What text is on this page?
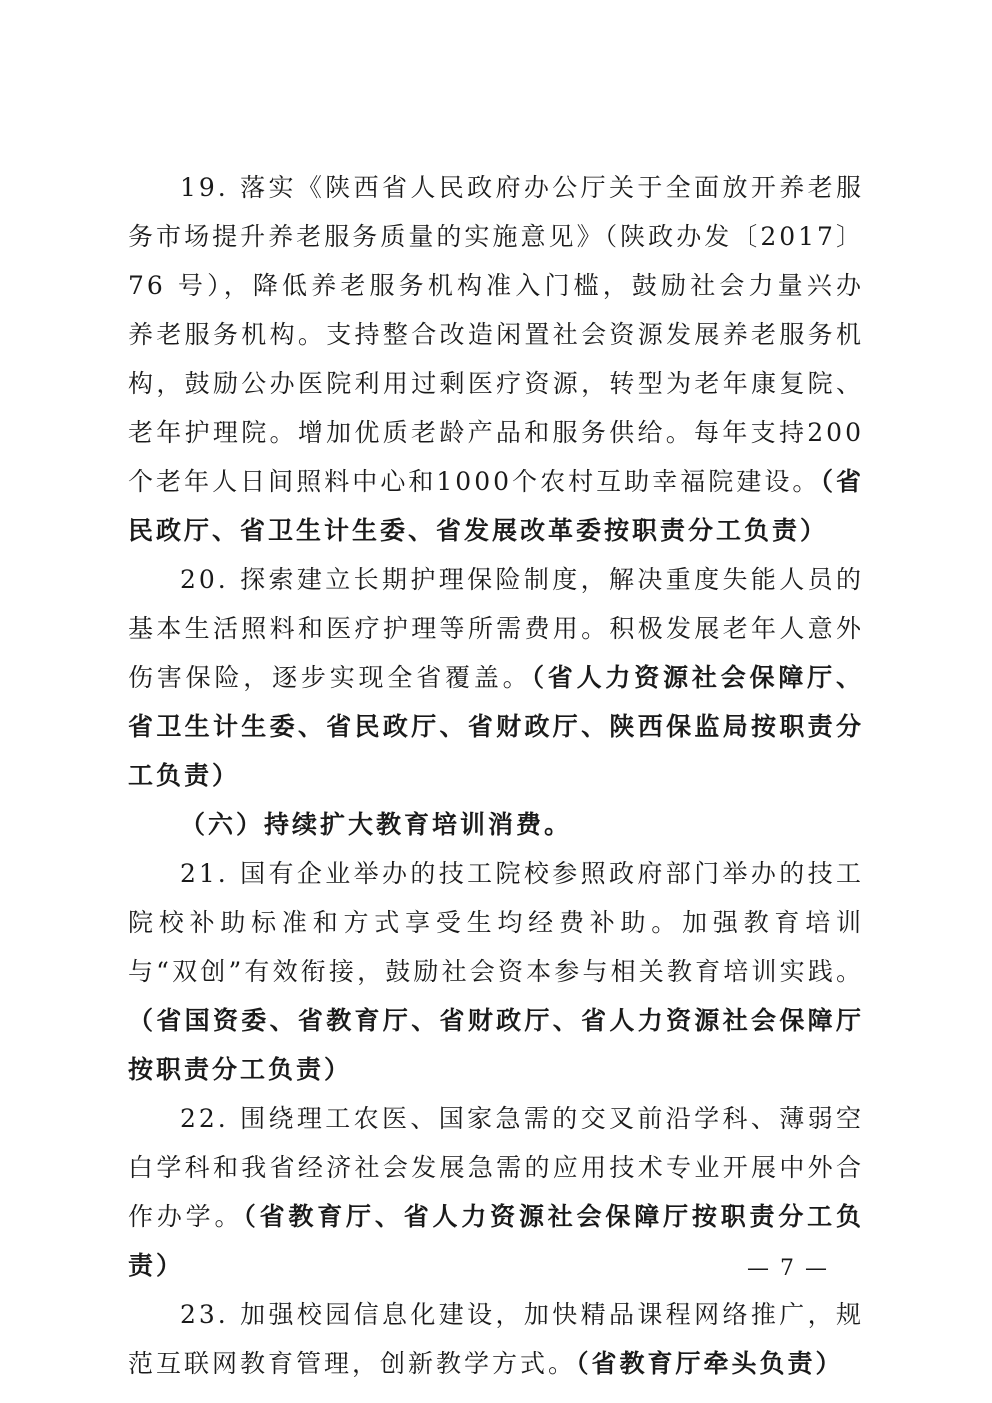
19. 落实《陕西省人民政府办公厅关于全面放开养老服务市场提升养老服务质量的实施意见》（陕政办发〔2017〕76 号），降低养老服务机构准入门槛，鼓励社会力量兴办养老服务机构。支持整合改造闲置社会资源发展养老服务机构，鼓励公办医院利用过剩医疗资源，转型为老年康复院、老年护理院。增加优质老龄产品和服务供给。每年支持200 个老年人日间照料中心和1000个农村互助幸福院建设。（省民政厅、省卫生计生委、省发展改革委按职责分工负责）

20. 探索建立长期护理保险制度，解决重度失能人员的基本生活照料和医疗护理等所需费用。积极发展老年人意外伤害保险，逐步实现全省覆盖。（省人力资源社会保障厅、省卫生计生委、省民政厅、省财政厅、陕西保监局按职责分工负责）

（六）持续扩大教育培训消费。

21. 国有企业举办的技工院校参照政府部门举办的技工院校补助标准和方式享受生均经费补助。加强教育培训与“双创”有效衔接，鼓励社会资本参与相关教育培训实践。（省国资委、省教育厅、省财政厅、省人力资源社会保障厅按职责分工负责）

22. 围绕理工农医、国家急需的交叉前沿学科、薄弱空白学科和我省经济社会发展急需的应用技术专业开展中外合作办学。（省教育厅、省人力资源社会保障厅按职责分工负责）

23. 加强校园信息化建设，加快精品课程网络推广，规范互联网教育管理，创新教学方式。（省教育厅牵头负责）

— 7 —
